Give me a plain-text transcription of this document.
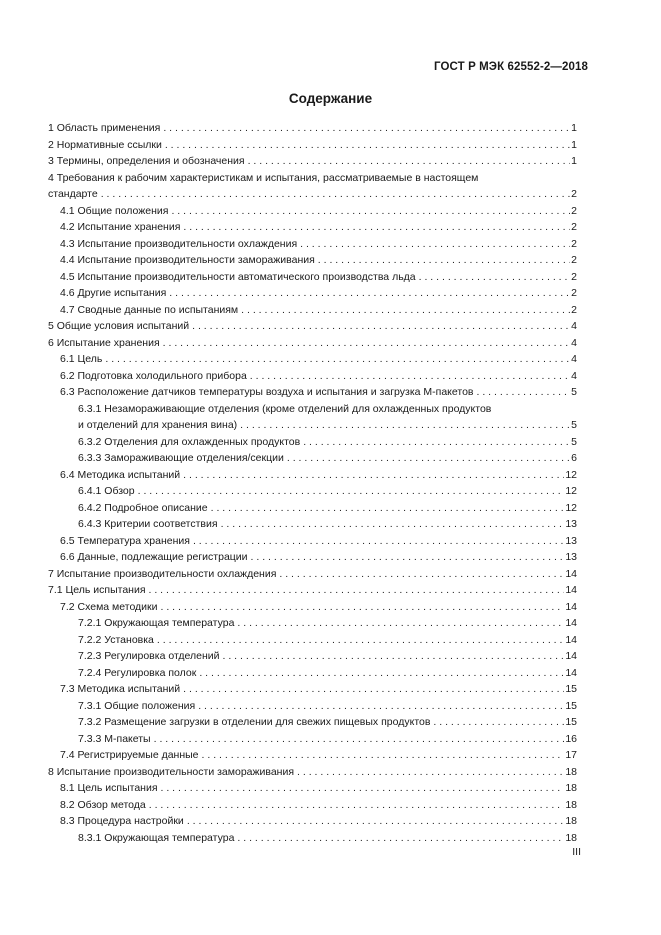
ГОСТ Р МЭК 62552-2—2018
Содержание
1 Область применения . . .	1
2 Нормативные ссылки . . .	1
3 Термины, определения и обозначения . . .	1
4 Требования к рабочим характеристикам и испытания, рассматриваемые в настоящем
стандарте . . .	2
4.1 Общие положения . . .	2
4.2 Испытание хранения . . .	2
4.3 Испытание производительности охлаждения . . .	2
4.4 Испытание производительности замораживания . . .	2
4.5 Испытание производительности автоматического производства льда . . .	2
4.6 Другие испытания . . .	2
4.7 Сводные данные по испытаниям . . .	2
5 Общие условия испытаний . . .	4
6 Испытание хранения . . .	4
6.1 Цель . . .	4
6.2 Подготовка холодильного прибора . . .	4
6.3 Расположение датчиков температуры воздуха и испытания и загрузка М-пакетов . . .	5
6.3.1 Незамораживающие отделения (кроме отделений для охлажденных продуктов
и отделений для хранения вина) . . .	5
6.3.2 Отделения для охлажденных продуктов . . .	5
6.3.3 Замораживающие отделения/секции . . .	6
6.4 Методика испытаний . . .	12
6.4.1 Обзор . . .	12
6.4.2 Подробное описание . . .	12
6.4.3 Критерии соответствия . . .	13
6.5 Температура хранения . . .	13
6.6 Данные, подлежащие регистрации . . .	13
7 Испытание производительности охлаждения . . .	14
7.1 Цель испытания . . .	14
7.2 Схема методики . . .	14
7.2.1 Окружающая температура . . .	14
7.2.2 Установка . . .	14
7.2.3 Регулировка отделений . . .	14
7.2.4 Регулировка полок . . .	14
7.3 Методика испытаний . . .	15
7.3.1 Общие положения . . .	15
7.3.2 Размещение загрузки в отделении для свежих пищевых продуктов . . .	15
7.3.3 М-пакеты . . .	16
7.4 Регистрируемые данные . . .	17
8 Испытание производительности замораживания . . .	18
8.1 Цель испытания . . .	18
8.2 Обзор метода . . .	18
8.3 Процедура настройки . . .	18
8.3.1 Окружающая температура . . .	18
III
